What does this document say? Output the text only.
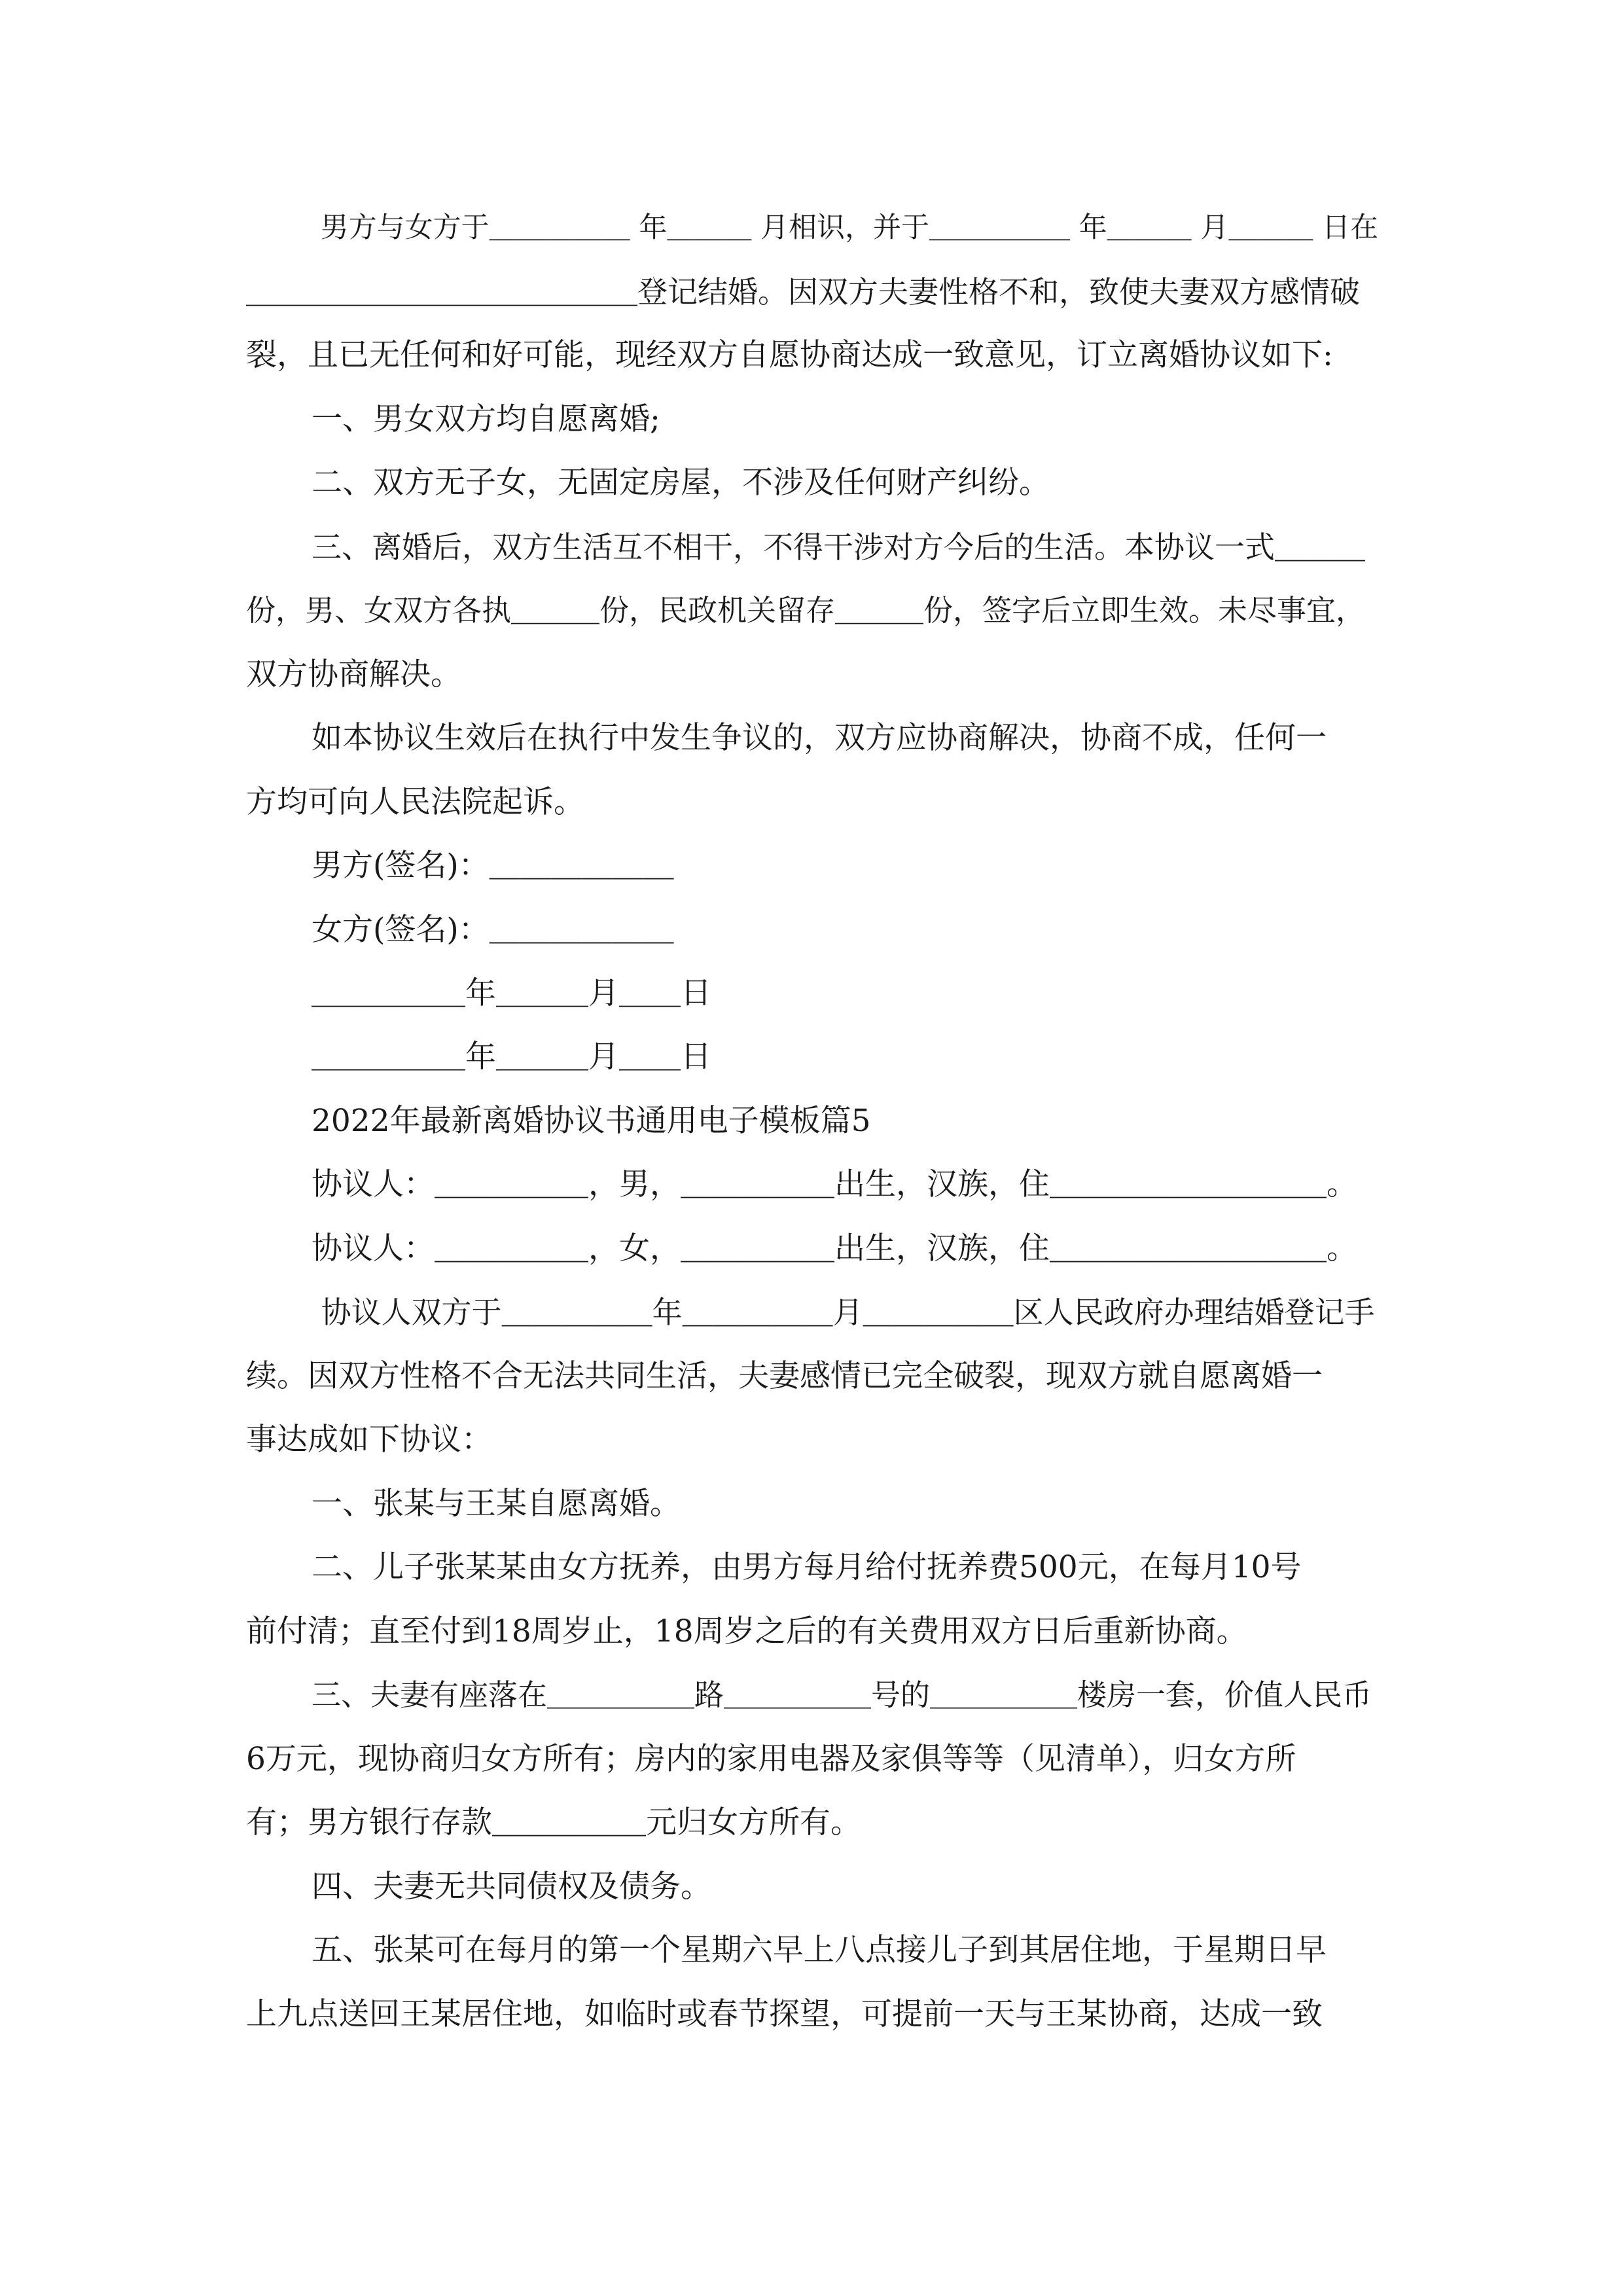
男方与女方于＿＿＿＿＿ 年＿＿＿ 月相识，并于＿＿＿＿＿ 年＿＿＿ 月＿＿＿ 日在
＿＿＿＿＿＿＿＿＿＿＿＿＿登记结婚。因双方夫妻性格不和，致使夫妻双方感情破
裂，且已无任何和好可能，现经双方自愿协商达成一致意见，订立离婚协议如下:
一、男女双方均自愿离婚;
二、双方无子女，无固定房屋，不涉及任何财产纠纷。
三、离婚后，双方生活互不相干，不得干涉对方今后的生活。本协议一式＿＿＿
份，男、女双方各执＿＿＿份，民政机关留存＿＿＿份，签字后立即生效。未尽事宜，
双方协商解决。
如本协议生效后在执行中发生争议的，双方应协商解决，协商不成，任何一
方均可向人民法院起诉。
男方(签名)：＿＿＿＿＿＿
女方(签名)：＿＿＿＿＿＿
＿＿＿＿＿年＿＿＿月＿＿日
＿＿＿＿＿年＿＿＿月＿＿日
2022年最新离婚协议书通用电子模板篇5
协议人：＿＿＿＿＿，男，＿＿＿＿＿出生，汉族，住＿＿＿＿＿＿＿＿＿。
协议人：＿＿＿＿＿，女，＿＿＿＿＿出生，汉族，住＿＿＿＿＿＿＿＿＿。
协议人双方于＿＿＿＿＿年＿＿＿＿＿月＿＿＿＿＿区人民政府办理结婚登记手
续。因双方性格不合无法共同生活，夫妻感情已完全破裂，现双方就自愿离婚一
事达成如下协议：
一、张某与王某自愿离婚。
二、儿子张某某由女方抚养，由男方每月给付抚养费500元，在每月10号
前付清；直至付到18周岁止，18周岁之后的有关费用双方日后重新协商。
三、夫妻有座落在＿＿＿＿＿路＿＿＿＿＿号的＿＿＿＿＿楼房一套，价值人民币
6万元，现协商归女方所有；房内的家用电器及家俱等等（见清单），归女方所
有；男方银行存款＿＿＿＿＿元归女方所有。
四、夫妻无共同债权及债务。
五、张某可在每月的第一个星期六早上八点接儿子到其居住地，于星期日早
上九点送回王某居住地，如临时或春节探望，可提前一天与王某协商，达成一致
